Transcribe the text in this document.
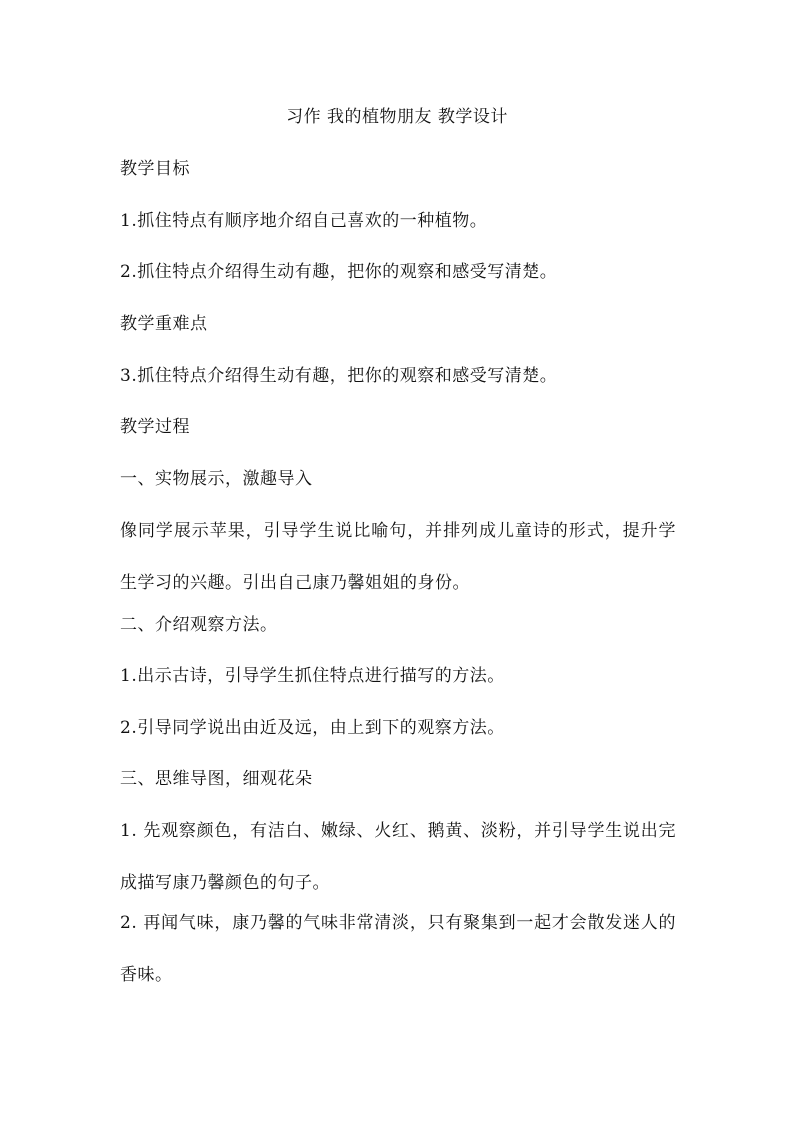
习作 我的植物朋友 教学设计
教学目标
1.抓住特点有顺序地介绍自己喜欢的一种植物。
2.抓住特点介绍得生动有趣，把你的观察和感受写清楚。
教学重难点
3.抓住特点介绍得生动有趣，把你的观察和感受写清楚。
教学过程
一、实物展示，激趣导入
像同学展示苹果，引导学生说比喻句，并排列成儿童诗的形式，提升学生学习的兴趣。引出自己康乃馨姐姐的身份。
二、介绍观察方法。
1.出示古诗，引导学生抓住特点进行描写的方法。
2.引导同学说出由近及远，由上到下的观察方法。
三、思维导图，细观花朵
1. 先观察颜色，有洁白、嫩绿、火红、鹅黄、淡粉，并引导学生说出完成描写康乃馨颜色的句子。
2. 再闻气味，康乃馨的气味非常清淡，只有聚集到一起才会散发迷人的香味。
